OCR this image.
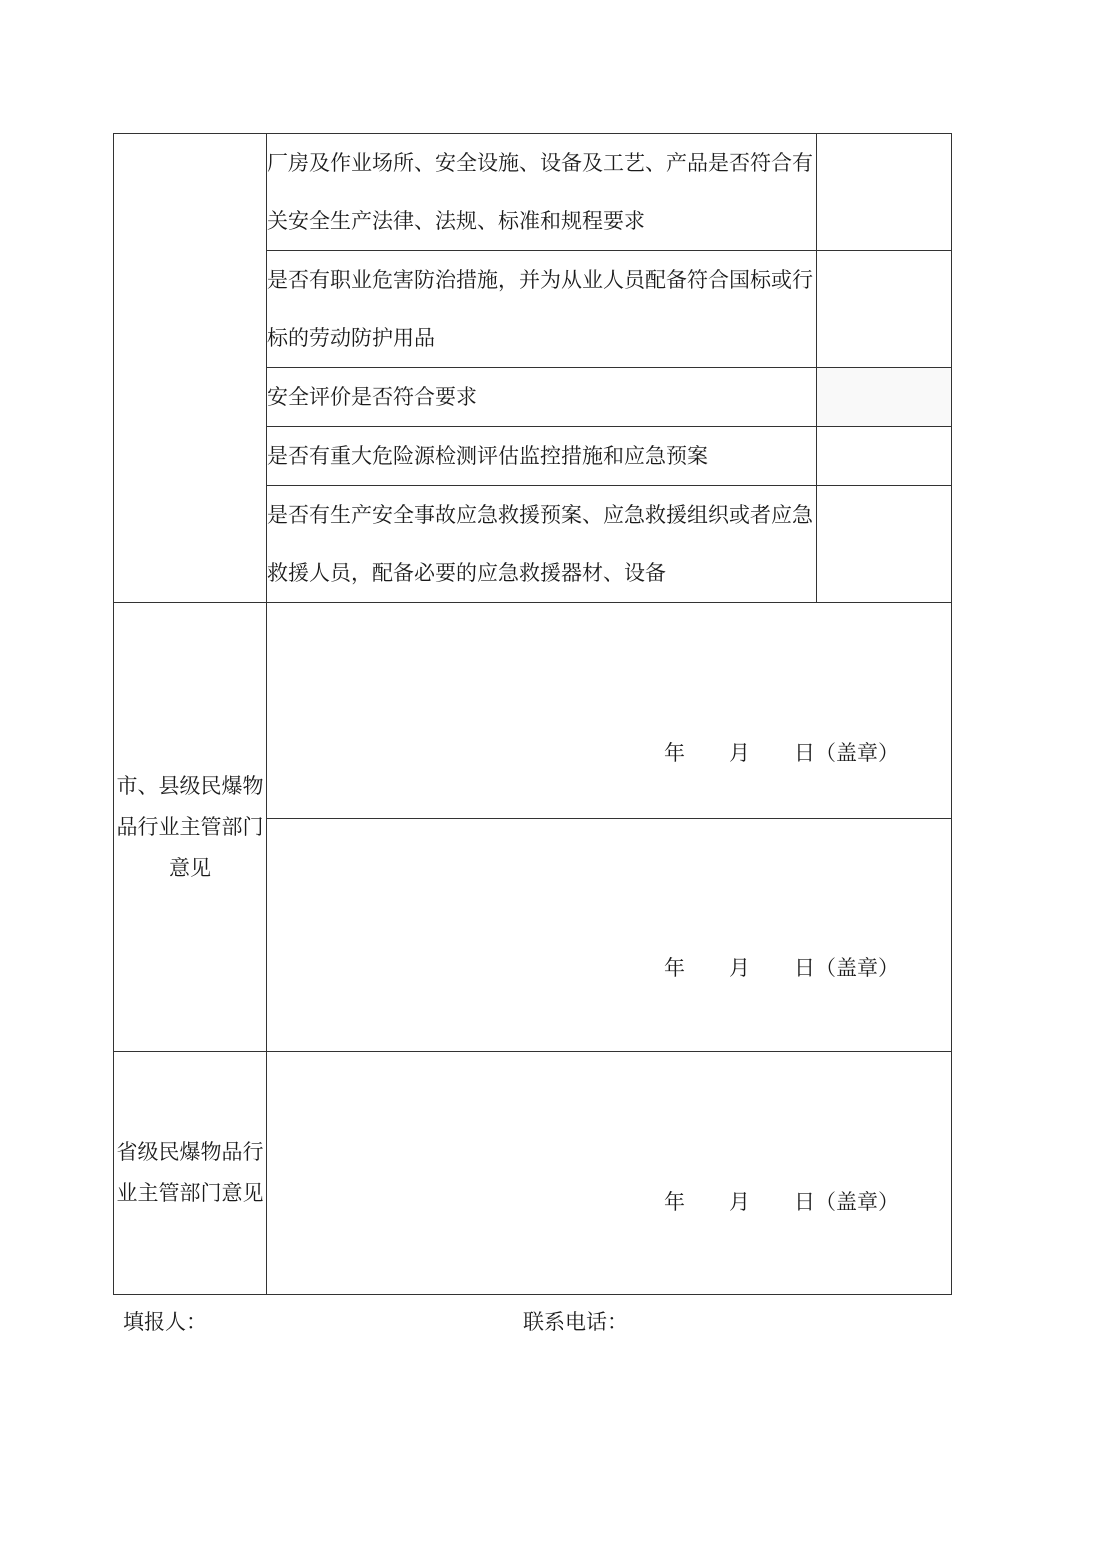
	厂房及作业场所、安全设施、设备及工艺、产品是否符合有关安全生产法律、法规、标准和规程要求	
	是否有职业危害防治措施，并为从业人员配备符合国标或行标的劳动防护用品	
	安全评价是否符合要求	
	是否有重大危险源检测评估监控措施和应急预案	
	是否有生产安全事故应急救援预案、应急救援组织或者应急救援人员，配备必要的应急救援器材、设备	
市、县级民爆物品行业主管部门意见	年 月 日（盖章）	

	年 月 日（盖章）	

省级民爆物品行业主管部门意见	年 月 日（盖章）	
填报人：	联系电话：
